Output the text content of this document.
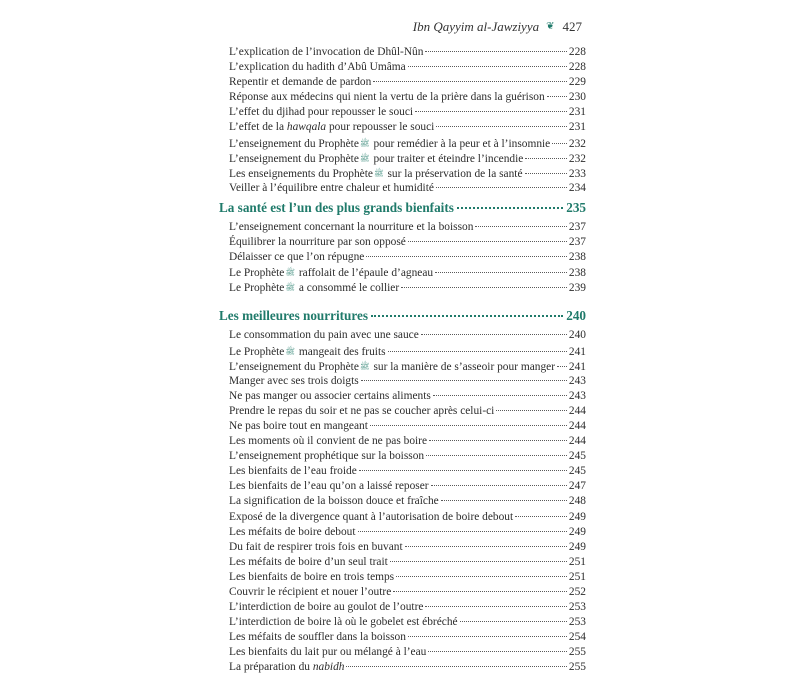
Ibn Qayyim al-Jawziyya ❦ 427
L’explication de l’invocation de Dhûl-Nûn	228
L’explication du hadith d’Abû Umâma	228
Repentir et demande de pardon	229
Réponse aux médecins qui nient la vertu de la prière dans la guérison 230
L’effet du djihad pour repousser le souci	231
L’effet de la hawqala pour repousser le souci	231
L’enseignement du Prophèteﷺ pour remédier à la peur et à l’insomnie 232
L’enseignement du Prophèteﷺ pour traiter et éteindre l’incendie	232
Les enseignements du Prophèteﷺ sur la préservation de la santé	233
Veiller à l’équilibre entre chaleur et humidité	234
La santé est l’un des plus grands bienfaits	235
L’enseignement concernant la nourriture et la boisson	237
Équilibrer la nourriture par son opposé	237
Délaisser ce que l’on répugne	238
Le Prophèteﷺ raffolait de l’épaule d’agneau	238
Le Prophèteﷺ a consommé le collier	239
Les meilleures nourritures	240
Le consommation du pain avec une sauce	240
Le Prophèteﷺ mangeait des fruits	241
L’enseignement du Prophèteﷺ sur la manière de s’asseoir pour manger 241
Manger avec ses trois doigts	243
Ne pas manger ou associer certains aliments	243
Prendre le repas du soir et ne pas se coucher après celui-ci	244
Ne pas boire tout en mangeant	244
Les moments où il convient de ne pas boire	244
L’enseignement prophétique sur la boisson	245
Les bienfaits de l’eau froide	245
Les bienfaits de l’eau qu’on a laissé reposer	247
La signification de la boisson douce et fraîche	248
Exposé de la divergence quant à l’autorisation de boire debout	249
Les méfaits de boire debout	249
Du fait de respirer trois fois en buvant	249
Les méfaits de boire d’un seul trait	251
Les bienfaits de boire en trois temps	251
Couvrir le récipient et nouer l’outre	252
L’interdiction de boire au goulot de l’outre	253
L’interdiction de boire là où le gobelet est ébréché	253
Les méfaits de souffler dans la boisson	254
Les bienfaits du lait pur ou mélangé à l’eau	255
La préparation du nabidh	255
